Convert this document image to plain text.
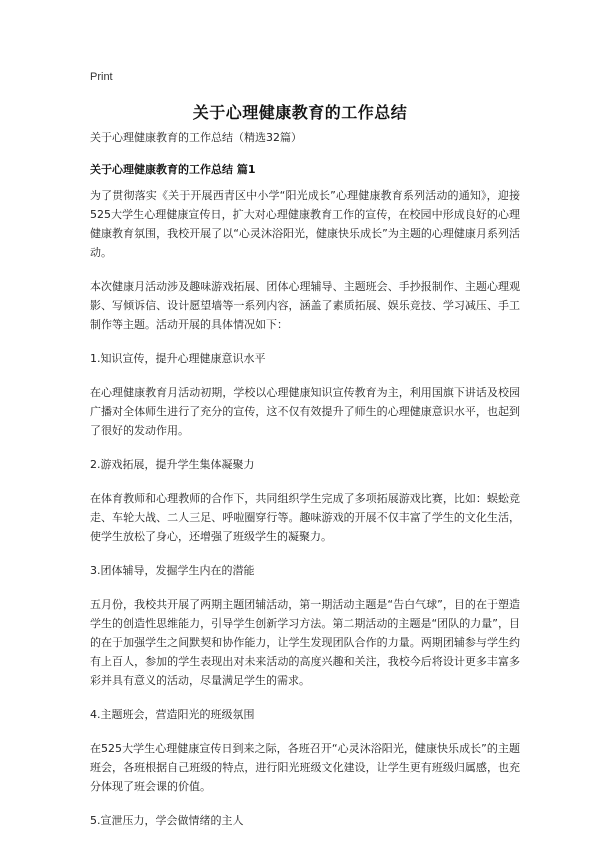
Print
关于心理健康教育的工作总结

关于心理健康教育的工作总结（精选32篇）

关于心理健康教育的工作总结 篇1

为了贯彻落实《关于开展西青区中小学“阳光成长”心理健康教育系列活动的通知》，迎接525大学生心理健康宣传日，扩大对心理健康教育工作的宣传，在校园中形成良好的心理健康教育氛围，我校开展了以“心灵沐浴阳光，健康快乐成长”为主题的心理健康月系列活动。

本次健康月活动涉及趣味游戏拓展、团体心理辅导、主题班会、手抄报制作、主题心理观影、写倾诉信、设计愿望墙等一系列内容，涵盖了素质拓展、娱乐竞技、学习减压、手工制作等主题。活动开展的具体情况如下：

1.知识宣传，提升心理健康意识水平

在心理健康教育月活动初期，学校以心理健康知识宣传教育为主，利用国旗下讲话及校园广播对全体师生进行了充分的宣传，这不仅有效提升了师生的心理健康意识水平，也起到了很好的发动作用。

2.游戏拓展，提升学生集体凝聚力

在体育教师和心理教师的合作下，共同组织学生完成了多项拓展游戏比赛，比如：蜈蚣竞走、车轮大战、二人三足、呼啦圈穿行等。趣味游戏的开展不仅丰富了学生的文化生活，使学生放松了身心，还增强了班级学生的凝聚力。

3.团体辅导，发掘学生内在的潜能

五月份，我校共开展了两期主题团辅活动，第一期活动主题是“告白气球”，目的在于塑造学生的创造性思维能力，引导学生创新学习方法。第二期活动的主题是“团队的力量”，目的在于加强学生之间默契和协作能力，让学生发现团队合作的力量。两期团辅参与学生约有上百人，参加的学生表现出对未来活动的高度兴趣和关注，我校今后将设计更多丰富多彩并具有意义的活动，尽量满足学生的需求。

4.主题班会，营造阳光的班级氛围

在525大学生心理健康宣传日到来之际，各班召开“心灵沐浴阳光，健康快乐成长”的主题班会，各班根据自己班级的特点，进行阳光班级文化建设，让学生更有班级归属感，也充分体现了班会课的价值。

5.宣泄压力，学会做情绪的主人
